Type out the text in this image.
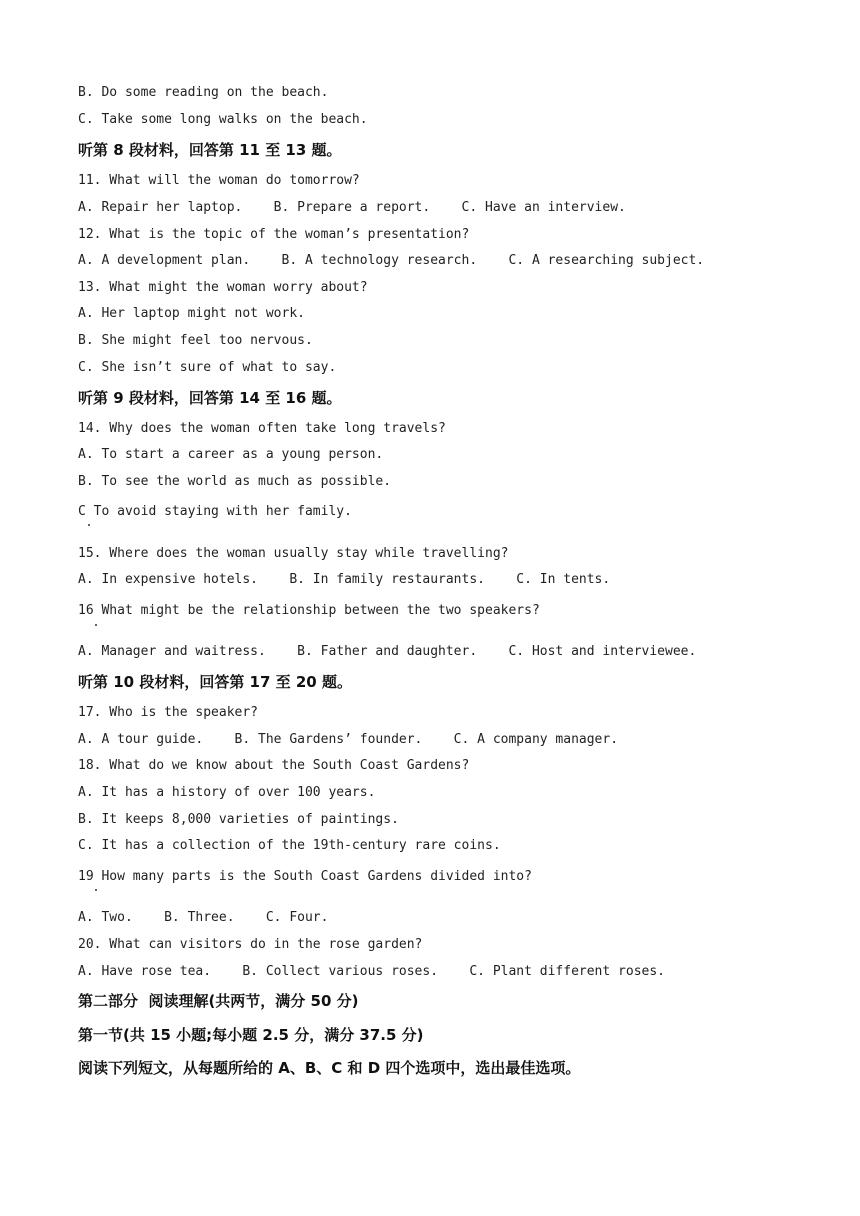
B. Do some reading on the beach.
C. Take some long walks on the beach.
听第 8 段材料，回答第 11 至 13 题。
11. What will the woman do tomorrow?
A. Repair her laptop.    B. Prepare a report.    C. Have an interview.
12. What is the topic of the woman’s presentation?
A. A development plan.    B. A technology research.    C. A researching subject.
13. What might the woman worry about?
A. Her laptop might not work.
B. She might feel too nervous.
C. She isn’t sure of what to say.
听第 9 段材料，回答第 14 至 16 题。
14. Why does the woman often take long travels?
A. To start a career as a young person.
B. To see the world as much as possible.
C To avoid staying with her family.
15. Where does the woman usually stay while travelling?
A. In expensive hotels.    B. In family restaurants.    C. In tents.
16 What might be the relationship between the two speakers?
A. Manager and waitress.    B. Father and daughter.    C. Host and interviewee.
听第 10 段材料，回答第 17 至 20 题。
17. Who is the speaker?
A. A tour guide.    B. The Gardens’ founder.    C. A company manager.
18. What do we know about the South Coast Gardens?
A. It has a history of over 100 years.
B. It keeps 8,000 varieties of paintings.
C. It has a collection of the 19th-century rare coins.
19 How many parts is the South Coast Gardens divided into?
A. Two.    B. Three.    C. Four.
20. What can visitors do in the rose garden?
A. Have rose tea.    B. Collect various roses.    C. Plant different roses.
第二部分  阅读理解(共两节，满分 50 分)
第一节(共 15 小题;每小题 2.5 分，满分 37.5 分)
阅读下列短文，从每题所给的 A、B、C 和 D 四个选项中，选出最佳选项。
